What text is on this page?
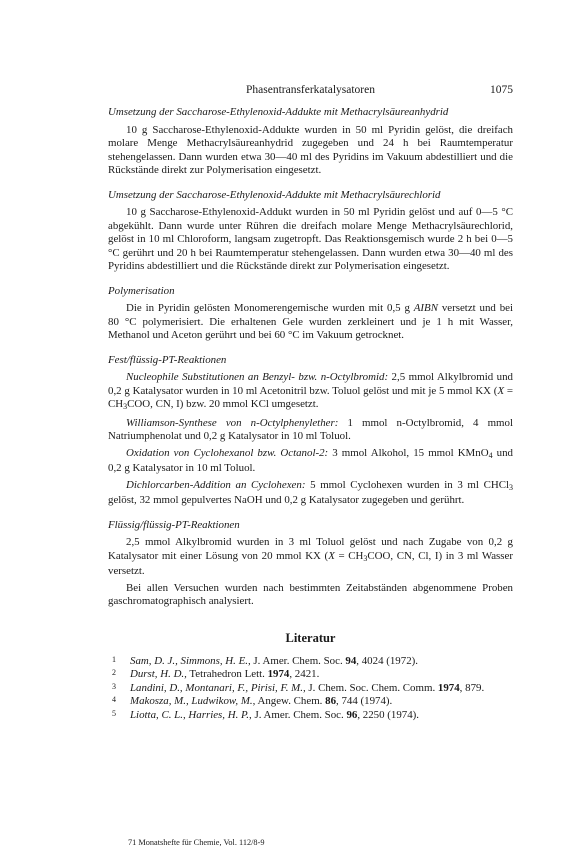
Phasentransferkatalysatoren	1075

Umsetzung der Saccharose-Ethylenoxid-Addukte mit Methacrylsäureanhydrid

10 g Saccharose-Ethylenoxid-Addukte wurden in 50 ml Pyridin gelöst, die dreifach molare Menge Methacrylsäureanhydrid zugegeben und 24 h bei Raumtemperatur stehengelassen. Dann wurden etwa 30—40 ml des Pyridins im Vakuum abdestilliert und die Rückstände direkt zur Polymerisation eingesetzt.

Umsetzung der Saccharose-Ethylenoxid-Addukte mit Methacrylsäurechlorid

10 g Saccharose-Ethylenoxid-Addukt wurden in 50 ml Pyridin gelöst und auf 0—5 °C abgekühlt. Dann wurde unter Rühren die dreifach molare Menge Methacrylsäurechlorid, gelöst in 10 ml Chloroform, langsam zugetropft. Das Reaktionsgemisch wurde 2 h bei 0—5 °C gerührt und 20 h bei Raumtemperatur stehengelassen. Dann wurden etwa 30—40 ml des Pyridins abdestilliert und die Rückstände direkt zur Polymerisation eingesetzt.

Polymerisation

Die in Pyridin gelösten Monomerengemische wurden mit 0,5 g AIBN versetzt und bei 80 °C polymerisiert. Die erhaltenen Gele wurden zerkleinert und je 1 h mit Wasser, Methanol und Aceton gerührt und bei 60 °C im Vakuum getrocknet.

Fest/flüssig-PT-Reaktionen

Nucleophile Substitutionen an Benzyl- bzw. n-Octylbromid: 2,5 mmol Alkylbromid und 0,2 g Katalysator wurden in 10 ml Acetonitril bzw. Toluol gelöst und mit je 5 mmol KX ($X = CH_3COO$, CN, I) bzw. 20 mmol KCl umgesetzt.

Williamson-Synthese von n-Octylphenylether: 1 mmol n-Octylbromid, 4 mmol Natriumphenolat und 0,2 g Katalysator in 10 ml Toluol.

Oxidation von Cyclohexanol bzw. Octanol-2: 3 mmol Alkohol, 15 mmol KMnO$_4$ und 0,2 g Katalysator in 10 ml Toluol.

Dichlorcarben-Addition an Cyclohexen: 5 mmol Cyclohexen wurden in 3 ml CHCl$_3$ gelöst, 32 mmol gepulvertes NaOH und 0,2 g Katalysator zugegeben und gerührt.

Flüssig/flüssig-PT-Reaktionen

2,5 mmol Alkylbromid wurden in 3 ml Toluol gelöst und nach Zugabe von 0,2 g Katalysator mit einer Lösung von 20 mmol KX ($X = CH_3COO$, CN, Cl, I) in 3 ml Wasser versetzt.

Bei allen Versuchen wurden nach bestimmten Zeitabständen abgenommene Proben gaschromatographisch analysiert.

Literatur

1 Sam, D. J., Simmons, H. E., J. Amer. Chem. Soc. 94, 4024 (1972).

2 Durst, H. D., Tetrahedron Lett. 1974, 2421.

3 Landini, D., Montanari, F., Pirisi, F. M., J. Chem. Soc. Chem. Comm. 1974, 879.

4 Makosza, M., Ludwikow, M., Angew. Chem. 86, 744 (1974).

5 Liotta, C. L., Harries, H. P., J. Amer. Chem. Soc. 96, 2250 (1974).

71 Monatshefte für Chemie, Vol. 112/8-9
